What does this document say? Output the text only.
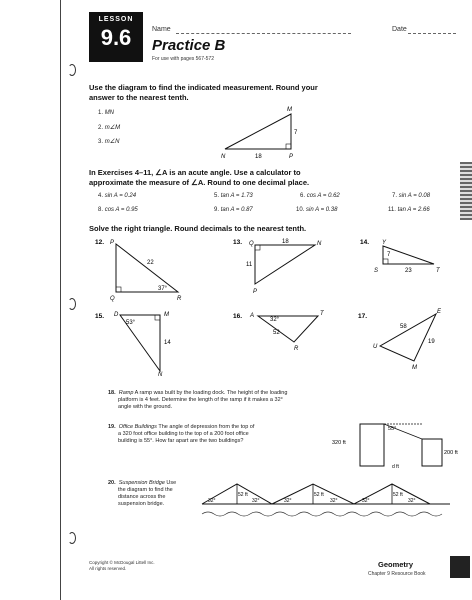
LESSON
9.6	Name	Date
Practice B
For use with pages 567-572
Use the diagram to find the indicated measurement. Round your
answer to the nearest tenth.
1. MN
2. m∠M
3. m∠N
M
N	P
18
7
In Exercises 4–11, ∠A is an acute angle. Use a calculator to
approximate the measure of ∠A. Round to one decimal place.
4. sin A = 0.24	5. tan A = 1.73	6. cos A = 0.62	7. sin A = 0.08
8. cos A = 0.95	9. tan A = 0.87	10. sin A = 0.38	11. tan A = 2.66
Solve the right triangle. Round decimals to the nearest tenth.
12. P
Q	R
22
37°
13. Q	N
P
18
11
14. Y
S	T
7
23
15. D	M
N
53°
14
16. A	T
R
32°
52
17.
U
E
M
58
19
18. Ramp A ramp was built by the loading dock. The height of the loading
platform is 4 feet. Determine the length of the ramp if it makes a 32°
angle with the ground.
19. Office Buildings The angle of depression from the top of
a 320 foot office building to the top of a 200 foot office
building is 55°. How far apart are the two buildings?	320 ft
200 ft
55°
d ft
20. Suspension Bridge Use
the diagram to find the
distance across the
suspension bridge.	32°
52 ft
32°	32°
52 ft
32°	32°
52 ft
32°
Copyright © McDougal Littell Inc.
All rights reserved.	Geometry
Chapter 9 Resource Book
